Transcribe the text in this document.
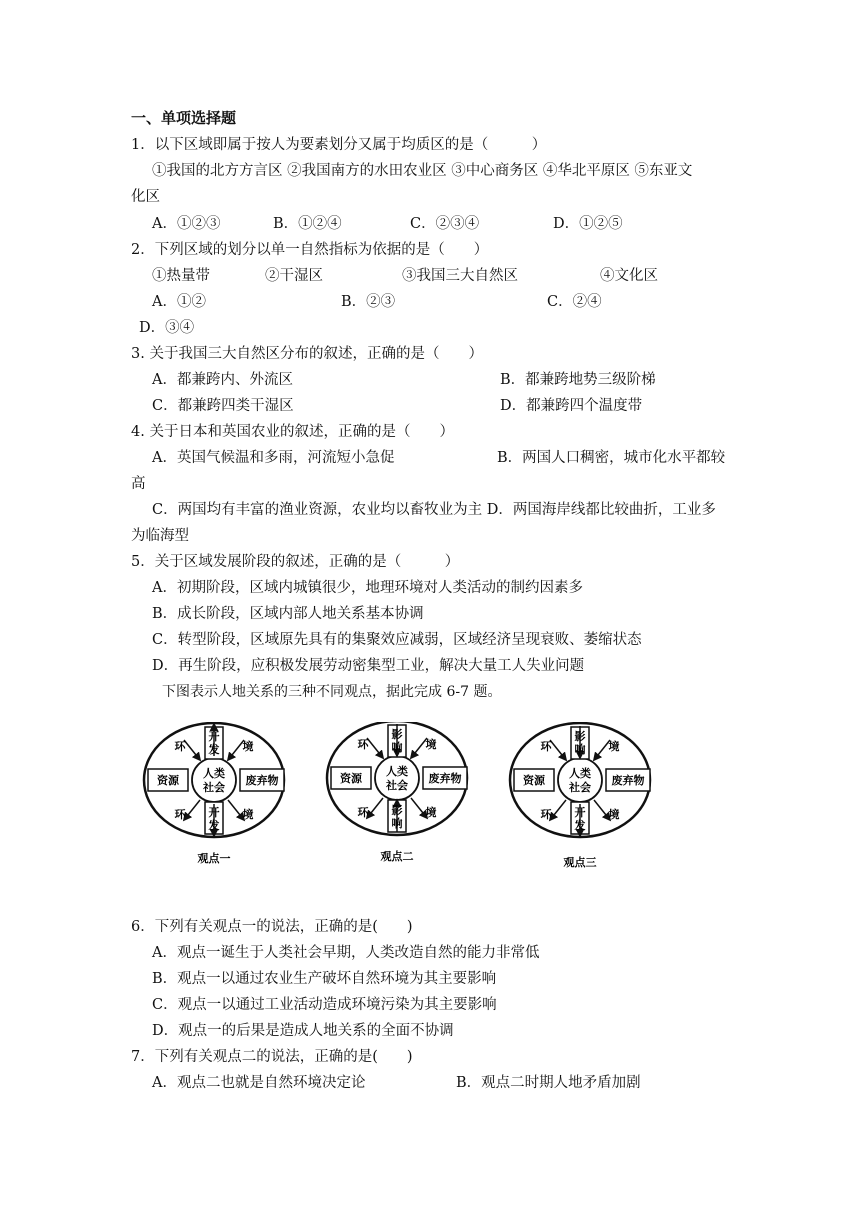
一、单项选择题
1．以下区域即属于按人为要素划分又属于均质区的是（　　　）
①我国的北方方言区 ②我国南方的水田农业区 ③中心商务区 ④华北平原区 ⑤东亚文
化区
A．①②③	B．①②④	C．②③④	D．①②⑤
2．下列区域的划分以单一自然指标为依据的是（　　）
①热量带	②干湿区	③我国三大自然区	④文化区
A．①②	B．②③	C．②④
D．③④
3. 关于我国三大自然区分布的叙述，正确的是（　　）
A．都兼跨内、外流区	B．都兼跨地势三级阶梯
C．都兼跨四类干湿区	D．都兼跨四个温度带
4. 关于日本和英国农业的叙述，正确的是（　　）
A．英国气候温和多雨，河流短小急促	B．两国人口稠密，城市化水平都较
高
C．两国均有丰富的渔业资源，农业均以畜牧业为主 D．两国海岸线都比较曲折，工业多
为临海型
5．关于区域发展阶段的叙述，正确的是（　　　）
A．初期阶段，区域内城镇很少，地理环境对人类活动的制约因素多
B．成长阶段，区域内部人地关系基本协调
C．转型阶段，区域原先具有的集聚效应减弱，区域经济呈现衰败、萎缩状态
D．再生阶段，应积极发展劳动密集型工业，解决大量工人失业问题
下图表示人地关系的三种不同观点，据此完成 6-7 题。
开
发
开
发
环	境
环	境
资源	废弃物
人类
社会
观点一
影
响
影
响
环	境
环	境
资源	废弃物
人类
社会
观点二
影
响
开
发
环	境
环	境
资源	废弃物
人类
社会
观点三
6．下列有关观点一的说法，正确的是(　　)
A．观点一诞生于人类社会早期，人类改造自然的能力非常低
B．观点一以通过农业生产破坏自然环境为其主要影响
C．观点一以通过工业活动造成环境污染为其主要影响
D．观点一的后果是造成人地关系的全面不协调
7．下列有关观点二的说法，正确的是(　　)
A．观点二也就是自然环境决定论	B．观点二时期人地矛盾加剧
